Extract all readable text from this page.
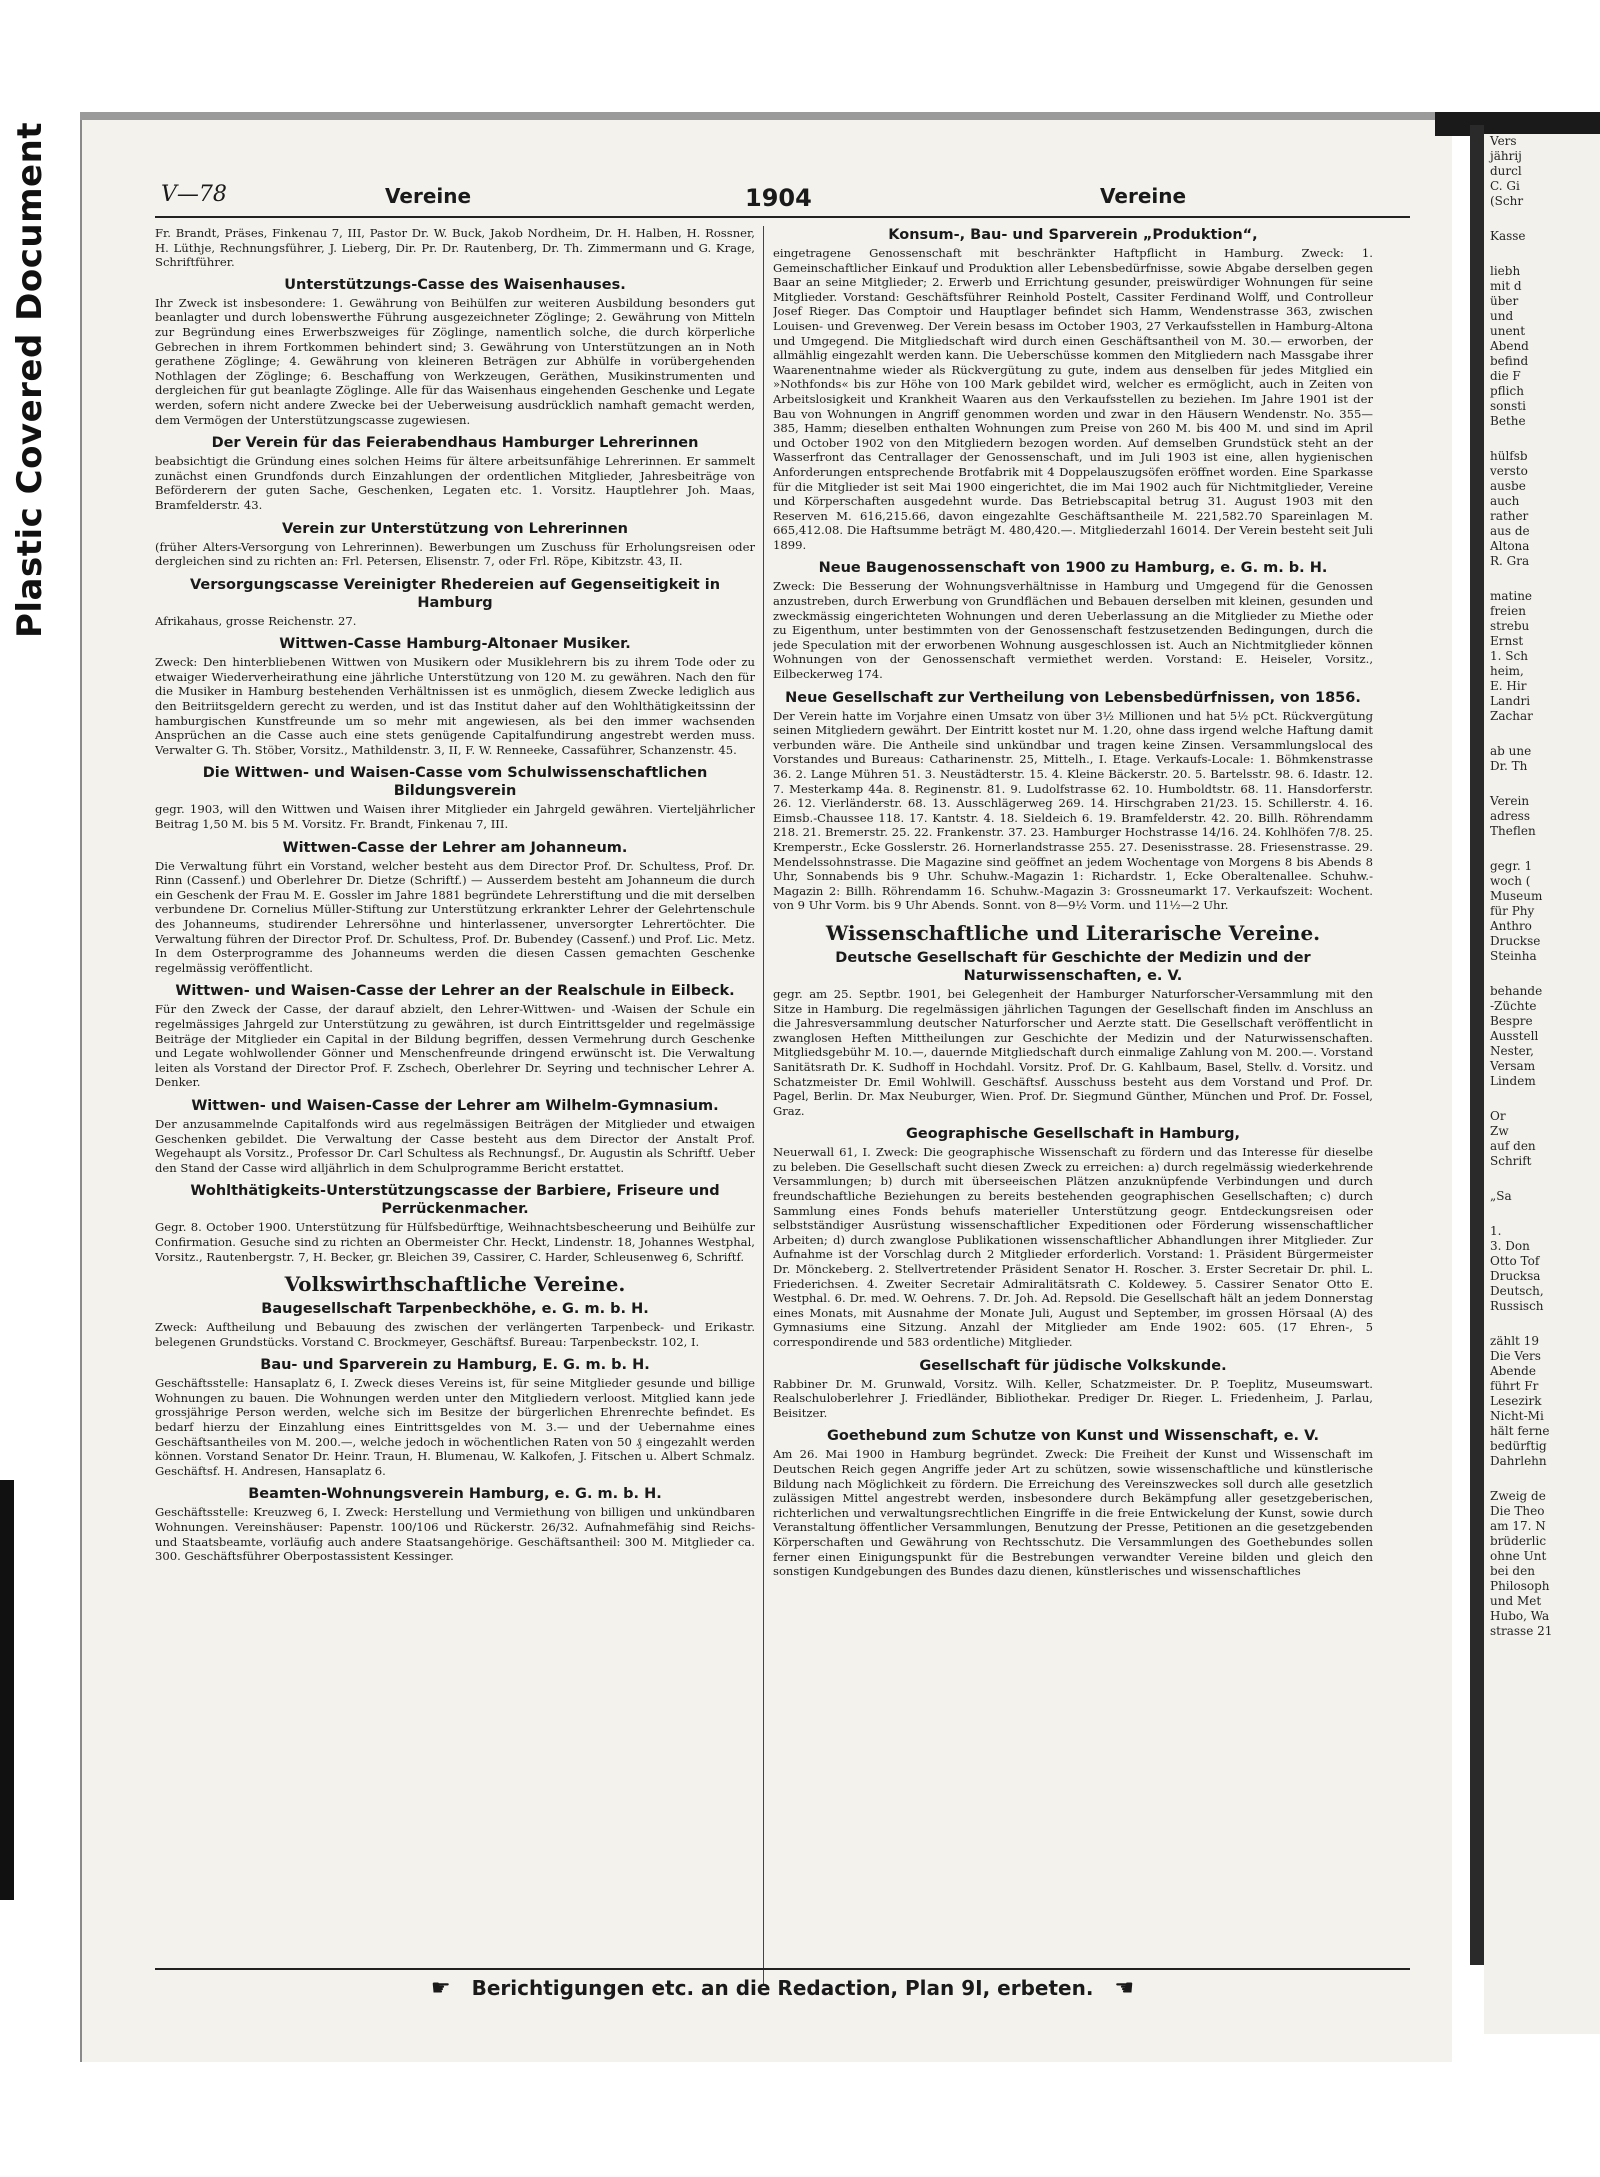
Plastic Covered Document	Vers
jährij
durcl
C. Gi
(Schr
Kasse
liebh
mit d
über
und
unent
Abend
befind
die F
pflich
sonsti
Bethe
hülfsb
versto
ausbe
auch
rather
aus de
Altona
R. Gra
matine
freien
strebu
Ernst
1. Sch
heim,
E. Hir
Landri
Zachar
ab une
Dr. Th
Verein
adress
Theflen
gegr. 1
woch (
Museum
für Phy
Anthro
Druckse
Steinha
behande
-Züchte
Bespre
Ausstell
Nester,
Versam
Lindem
Or
Zw
auf den
Schrift
„Sa
1.
3. Don
Otto Tof
Drucksa
Deutsch,
Russisch
zählt 19
Die Vers
Abende
führt Fr
Lesezirk
Nicht-Mi
hält ferne
bedürftig
Dahrlehn
Zweig de
Die Theo
am 17. N
brüderlic
ohne Unt
bei den
Philosoph
und Met
Hubo, Wa
strasse 21
V—78	Vereine	1904	Vereine

Fr. Brandt, Präses, Finkenau 7, III, Pastor Dr. W. Buck, Jakob Nordheim, Dr. H. Halben, H. Rossner, H. Lüthje, Rechnungsführer, J. Lieberg, Dir. Pr. Dr. Rautenberg, Dr. Th. Zimmermann und G. Krage, Schriftführer.

Unterstützungs-Casse des Waisenhauses.

Ihr Zweck ist insbesondere: 1. Gewährung von Beihülfen zur weiteren Ausbildung besonders gut beanlagter und durch lobenswerthe Führung ausgezeichneter Zöglinge; 2. Gewährung von Mitteln zur Begründung eines Erwerbszweiges für Zöglinge, namentlich solche, die durch körperliche Gebrechen in ihrem Fortkommen behindert sind; 3. Gewährung von Unterstützungen an in Noth gerathene Zöglinge; 4. Gewährung von kleineren Beträgen zur Abhülfe in vorübergehenden Nothlagen der Zöglinge; 6. Beschaffung von Werkzeugen, Geräthen, Musikinstrumenten und dergleichen für gut beanlagte Zöglinge. Alle für das Waisenhaus eingehenden Geschenke und Legate werden, sofern nicht andere Zwecke bei der Ueberweisung ausdrücklich namhaft gemacht werden, dem Vermögen der Unterstützungscasse zugewiesen.

Der Verein für das Feierabendhaus Hamburger Lehrerinnen

beabsichtigt die Gründung eines solchen Heims für ältere arbeitsunfähige Lehrerinnen. Er sammelt zunächst einen Grundfonds durch Einzahlungen der ordentlichen Mitglieder, Jahresbeiträge von Beförderern der guten Sache, Geschenken, Legaten etc. 1. Vorsitz. Hauptlehrer Joh. Maas, Bramfelderstr. 43.

Verein zur Unterstützung von Lehrerinnen

(früher Alters-Versorgung von Lehrerinnen). Bewerbungen um Zuschuss für Erholungsreisen oder dergleichen sind zu richten an: Frl. Petersen, Elisenstr. 7, oder Frl. Röpe, Kibitzstr. 43, II.

Versorgungscasse Vereinigter Rhedereien auf Gegenseitigkeit in Hamburg

Afrikahaus, grosse Reichenstr. 27.

Wittwen-Casse Hamburg-Altonaer Musiker.

Zweck: Den hinterbliebenen Wittwen von Musikern oder Musiklehrern bis zu ihrem Tode oder zu etwaiger Wiederverheirathung eine jährliche Unterstützung von 120 M. zu gewähren. Nach den für die Musiker in Hamburg bestehenden Verhältnissen ist es unmöglich, diesem Zwecke lediglich aus den Beitriitsgeldern gerecht zu werden, und ist das Institut daher auf den Wohlthätigkeitssinn der hamburgischen Kunstfreunde um so mehr mit angewiesen, als bei den immer wachsenden Ansprüchen an die Casse auch eine stets genügende Capitalfundirung angestrebt werden muss. Verwalter G. Th. Stöber, Vorsitz., Mathildenstr. 3, II, F. W. Renneeke, Cassaführer, Schanzenstr. 45.

Die Wittwen- und Waisen-Casse vom Schulwissenschaftlichen Bildungsverein

gegr. 1903, will den Wittwen und Waisen ihrer Mitglieder ein Jahrgeld gewähren. Vierteljährlicher Beitrag 1,50 M. bis 5 M. Vorsitz. Fr. Brandt, Finkenau 7, III.

Wittwen-Casse der Lehrer am Johanneum.

Die Verwaltung führt ein Vorstand, welcher besteht aus dem Director Prof. Dr. Schultess, Prof. Dr. Rinn (Cassenf.) und Oberlehrer Dr. Dietze (Schriftf.) — Ausserdem besteht am Johanneum die durch ein Geschenk der Frau M. E. Gossler im Jahre 1881 begründete Lehrerstiftung und die mit derselben verbundene Dr. Cornelius Müller-Stiftung zur Unterstützung erkrankter Lehrer der Gelehrtenschule des Johanneums, studirender Lehrersöhne und hinterlassener, unversorgter Lehrertöchter. Die Verwaltung führen der Director Prof. Dr. Schultess, Prof. Dr. Bubendey (Cassenf.) und Prof. Lic. Metz. In dem Osterprogramme des Johanneums werden die diesen Cassen gemachten Geschenke regelmässig veröffentlicht.

Wittwen- und Waisen-Casse der Lehrer an der Realschule in Eilbeck.

Für den Zweck der Casse, der darauf abzielt, den Lehrer-Wittwen- und -Waisen der Schule ein regelmässiges Jahrgeld zur Unterstützung zu gewähren, ist durch Eintrittsgelder und regelmässige Beiträge der Mitglieder ein Capital in der Bildung begriffen, dessen Vermehrung durch Geschenke und Legate wohlwollender Gönner und Menschenfreunde dringend erwünscht ist. Die Verwaltung leiten als Vorstand der Director Prof. F. Zschech, Oberlehrer Dr. Seyring und technischer Lehrer A. Denker.

Wittwen- und Waisen-Casse der Lehrer am Wilhelm-Gymnasium.

Der anzusammelnde Capitalfonds wird aus regelmässigen Beiträgen der Mitglieder und etwaigen Geschenken gebildet. Die Verwaltung der Casse besteht aus dem Director der Anstalt Prof. Wegehaupt als Vorsitz., Professor Dr. Carl Schultess als Rechnungsf., Dr. Augustin als Schriftf. Ueber den Stand der Casse wird alljährlich in dem Schulprogramme Bericht erstattet.

Wohlthätigkeits-Unterstützungscasse der Barbiere, Friseure und Perrückenmacher.

Gegr. 8. October 1900. Unterstützung für Hülfsbedürftige, Weihnachtsbescheerung und Beihülfe zur Confirmation. Gesuche sind zu richten an Obermeister Chr. Heckt, Lindenstr. 18, Johannes Westphal, Vorsitz., Rautenbergstr. 7, H. Becker, gr. Bleichen 39, Cassirer, C. Harder, Schleusenweg 6, Schriftf.

Volkswirthschaftliche Vereine.
Baugesellschaft Tarpenbeckhöhe, e. G. m. b. H.

Zweck: Auftheilung und Bebauung des zwischen der verlängerten Tarpenbeck- und Erikastr. belegenen Grundstücks. Vorstand C. Brockmeyer, Geschäftsf. Bureau: Tarpenbeckstr. 102, I.

Bau- und Sparverein zu Hamburg, E. G. m. b. H.

Geschäftsstelle: Hansaplatz 6, I. Zweck dieses Vereins ist, für seine Mitglieder gesunde und billige Wohnungen zu bauen. Die Wohnungen werden unter den Mitgliedern verloost. Mitglied kann jede grossjährige Person werden, welche sich im Besitze der bürgerlichen Ehrenrechte befindet. Es bedarf hierzu der Einzahlung eines Eintrittsgeldes von M. 3.— und der Uebernahme eines Geschäftsantheiles von M. 200.—, welche jedoch in wöchentlichen Raten von 50 ₰ eingezahlt werden können. Vorstand Senator Dr. Heinr. Traun, H. Blumenau, W. Kalkofen, J. Fitschen u. Albert Schmalz. Geschäftsf. H. Andresen, Hansaplatz 6.

Beamten-Wohnungsverein Hamburg, e. G. m. b. H.

Geschäftsstelle: Kreuzweg 6, I. Zweck: Herstellung und Vermiethung von billigen und unkündbaren Wohnungen. Vereinshäuser: Papenstr. 100/106 und Rückerstr. 26/32. Aufnahmefähig sind Reichs- und Staatsbeamte, vorläufig auch andere Staatsangehörige. Geschäftsantheil: 300 M. Mitglieder ca. 300. Geschäftsführer Oberpostassistent Kessinger.

Konsum-, Bau- und Sparverein „Produktion“,

eingetragene Genossenschaft mit beschränkter Haftpflicht in Hamburg. Zweck: 1. Gemeinschaftlicher Einkauf und Produktion aller Lebensbedürfnisse, sowie Abgabe derselben gegen Baar an seine Mitglieder; 2. Erwerb und Errichtung gesunder, preiswürdiger Wohnungen für seine Mitglieder. Vorstand: Geschäftsführer Reinhold Postelt, Cassiter Ferdinand Wolff, und Controlleur Josef Rieger. Das Comptoir und Hauptlager befindet sich Hamm, Wendenstrasse 363, zwischen Louisen- und Grevenweg. Der Verein besass im October 1903, 27 Verkaufsstellen in Hamburg-Altona und Umgegend. Die Mitgliedschaft wird durch einen Geschäftsantheil von M. 30.— erworben, der allmählig eingezahlt werden kann. Die Ueberschüsse kommen den Mitgliedern nach Massgabe ihrer Waarenentnahme wieder als Rückvergütung zu gute, indem aus denselben für jedes Mitglied ein »Nothfonds« bis zur Höhe von 100 Mark gebildet wird, welcher es ermöglicht, auch in Zeiten von Arbeitslosigkeit und Krankheit Waaren aus den Verkaufsstellen zu beziehen. Im Jahre 1901 ist der Bau von Wohnungen in Angriff genommen worden und zwar in den Häusern Wendenstr. No. 355—385, Hamm; dieselben enthalten Wohnungen zum Preise von 260 M. bis 400 M. und sind im April und October 1902 von den Mitgliedern bezogen worden. Auf demselben Grundstück steht an der Wasserfront das Centrallager der Genossenschaft, und im Juli 1903 ist eine, allen hygienischen Anforderungen entsprechende Brotfabrik mit 4 Doppelauszugsöfen eröffnet worden. Eine Sparkasse für die Mitglieder ist seit Mai 1900 eingerichtet, die im Mai 1902 auch für Nichtmitglieder, Vereine und Körperschaften ausgedehnt wurde. Das Betriebscapital betrug 31. August 1903 mit den Reserven M. 616,215.66, davon eingezahlte Geschäftsantheile M. 221,582.70 Spareinlagen M. 665,412.08. Die Haftsumme beträgt M. 480,420.—. Mitgliederzahl 16014. Der Verein besteht seit Juli 1899.

Neue Baugenossenschaft von 1900 zu Hamburg, e. G. m. b. H.

Zweck: Die Besserung der Wohnungsverhältnisse in Hamburg und Umgegend für die Genossen anzustreben, durch Erwerbung von Grundflächen und Bebauen derselben mit kleinen, gesunden und zweckmässig eingerichteten Wohnungen und deren Ueberlassung an die Mitglieder zu Miethe oder zu Eigenthum, unter bestimmten von der Genossenschaft festzusetzenden Bedingungen, durch die jede Speculation mit der erworbenen Wohnung ausgeschlossen ist. Auch an Nichtmitglieder können Wohnungen von der Genossenschaft vermiethet werden. Vorstand: E. Heiseler, Vorsitz., Eilbeckerweg 174.

Neue Gesellschaft zur Vertheilung von Lebensbedürfnissen, von 1856.

Der Verein hatte im Vorjahre einen Umsatz von über 3½ Millionen und hat 5½ pCt. Rückvergütung seinen Mitgliedern gewährt. Der Eintritt kostet nur M. 1.20, ohne dass irgend welche Haftung damit verbunden wäre. Die Antheile sind unkündbar und tragen keine Zinsen. Versammlungslocal des Vorstandes und Bureaus: Catharinenstr. 25, Mittelh., I. Etage. Verkaufs-Locale: 1. Böhmkenstrasse 36. 2. Lange Mühren 51. 3. Neustädterstr. 15. 4. Kleine Bäckerstr. 20. 5. Bartelsstr. 98. 6. Idastr. 12. 7. Mesterkamp 44a. 8. Reginenstr. 81. 9. Ludolfstrasse 62. 10. Humboldtstr. 68. 11. Hansdorferstr. 26. 12. Vierländerstr. 68. 13. Ausschlägerweg 269. 14. Hirschgraben 21/23. 15. Schillerstr. 4. 16. Eimsb.-Chaussee 118. 17. Kantstr. 4. 18. Sieldeich 6. 19. Bramfelderstr. 42. 20. Billh. Röhrendamm 218. 21. Bremerstr. 25. 22. Frankenstr. 37. 23. Hamburger Hochstrasse 14/16. 24. Kohlhöfen 7/8. 25. Kremperstr., Ecke Gosslerstr. 26. Hornerlandstrasse 255. 27. Desenisstrasse. 28. Friesenstrasse. 29. Mendelssohnstrasse. Die Magazine sind geöffnet an jedem Wochentage von Morgens 8 bis Abends 8 Uhr, Sonnabends bis 9 Uhr. Schuhw.-Magazin 1: Richardstr. 1, Ecke Oberaltenallee. Schuhw.-Magazin 2: Billh. Röhrendamm 16. Schuhw.-Magazin 3: Grossneumarkt 17. Verkaufszeit: Wochent. von 9 Uhr Vorm. bis 9 Uhr Abends. Sonnt. von 8—9½ Vorm. und 11½—2 Uhr.

Wissenschaftliche und Literarische Vereine.
Deutsche Gesellschaft für Geschichte der Medizin und der Naturwissenschaften, e. V.

gegr. am 25. Septbr. 1901, bei Gelegenheit der Hamburger Naturforscher-Versammlung mit den Sitze in Hamburg. Die regelmässigen jährlichen Tagungen der Gesellschaft finden im Anschluss an die Jahresversammlung deutscher Naturforscher und Aerzte statt. Die Gesellschaft veröffentlicht in zwanglosen Heften Mittheilungen zur Geschichte der Medizin und der Naturwissenschaften. Mitgliedsgebühr M. 10.—, dauernde Mitgliedschaft durch einmalige Zahlung von M. 200.—. Vorstand Sanitätsrath Dr. K. Sudhoff in Hochdahl. Vorsitz. Prof. Dr. G. Kahlbaum, Basel, Stellv. d. Vorsitz. und Schatzmeister Dr. Emil Wohlwill. Geschäftsf. Ausschuss besteht aus dem Vorstand und Prof. Dr. Pagel, Berlin. Dr. Max Neuburger, Wien. Prof. Dr. Siegmund Günther, München und Prof. Dr. Fossel, Graz.

Geographische Gesellschaft in Hamburg,

Neuerwall 61, I. Zweck: Die geographische Wissenschaft zu fördern und das Interesse für dieselbe zu beleben. Die Gesellschaft sucht diesen Zweck zu erreichen: a) durch regelmässig wiederkehrende Versammlungen; b) durch mit überseeischen Plätzen anzuknüpfende Verbindungen und durch freundschaftliche Beziehungen zu bereits bestehenden geographischen Gesellschaften; c) durch Sammlung eines Fonds behufs materieller Unterstützung geogr. Entdeckungsreisen oder selbstständiger Ausrüstung wissenschaftlicher Expeditionen oder Förderung wissenschaftlicher Arbeiten; d) durch zwanglose Publikationen wissenschaftlicher Abhandlungen ihrer Mitglieder. Zur Aufnahme ist der Vorschlag durch 2 Mitglieder erforderlich. Vorstand: 1. Präsident Bürgermeister Dr. Mönckeberg. 2. Stellvertretender Präsident Senator H. Roscher. 3. Erster Secretair Dr. phil. L. Friederichsen. 4. Zweiter Secretair Admiralitätsrath C. Koldewey. 5. Cassirer Senator Otto E. Westphal. 6. Dr. med. W. Oehrens. 7. Dr. Joh. Ad. Repsold. Die Gesellschaft hält an jedem Donnerstag eines Monats, mit Ausnahme der Monate Juli, August und September, im grossen Hörsaal (A) des Gymnasiums eine Sitzung. Anzahl der Mitglieder am Ende 1902: 605. (17 Ehren-, 5 correspondirende und 583 ordentliche) Mitglieder.

Gesellschaft für jüdische Volkskunde.

Rabbiner Dr. M. Grunwald, Vorsitz. Wilh. Keller, Schatzmeister. Dr. P. Toeplitz, Museumswart. Realschuloberlehrer J. Friedländer, Bibliothekar. Prediger Dr. Rieger. L. Friedenheim, J. Parlau, Beisitzer.

Goethebund zum Schutze von Kunst und Wissenschaft, e. V.

Am 26. Mai 1900 in Hamburg begründet. Zweck: Die Freiheit der Kunst und Wissenschaft im Deutschen Reich gegen Angriffe jeder Art zu schützen, sowie wissenschaftliche und künstlerische Bildung nach Möglichkeit zu fördern. Die Erreichung des Vereinszweckes soll durch alle gesetzlich zulässigen Mittel angestrebt werden, insbesondere durch Bekämpfung aller gesetzgeberischen, richterlichen und verwaltungsrechtlichen Eingriffe in die freie Entwickelung der Kunst, sowie durch Veranstaltung öffentlicher Versammlungen, Benutzung der Presse, Petitionen an die gesetzgebenden Körperschaften und Gewährung von Rechtsschutz. Die Versammlungen des Goethebundes sollen ferner einen Einigungspunkt für die Bestrebungen verwandter Vereine bilden und gleich den sonstigen Kundgebungen des Bundes dazu dienen, künstlerisches und wissenschaftliches

☛ Berichtigungen etc. an die Redaction, Plan 9I, erbeten. ☚
